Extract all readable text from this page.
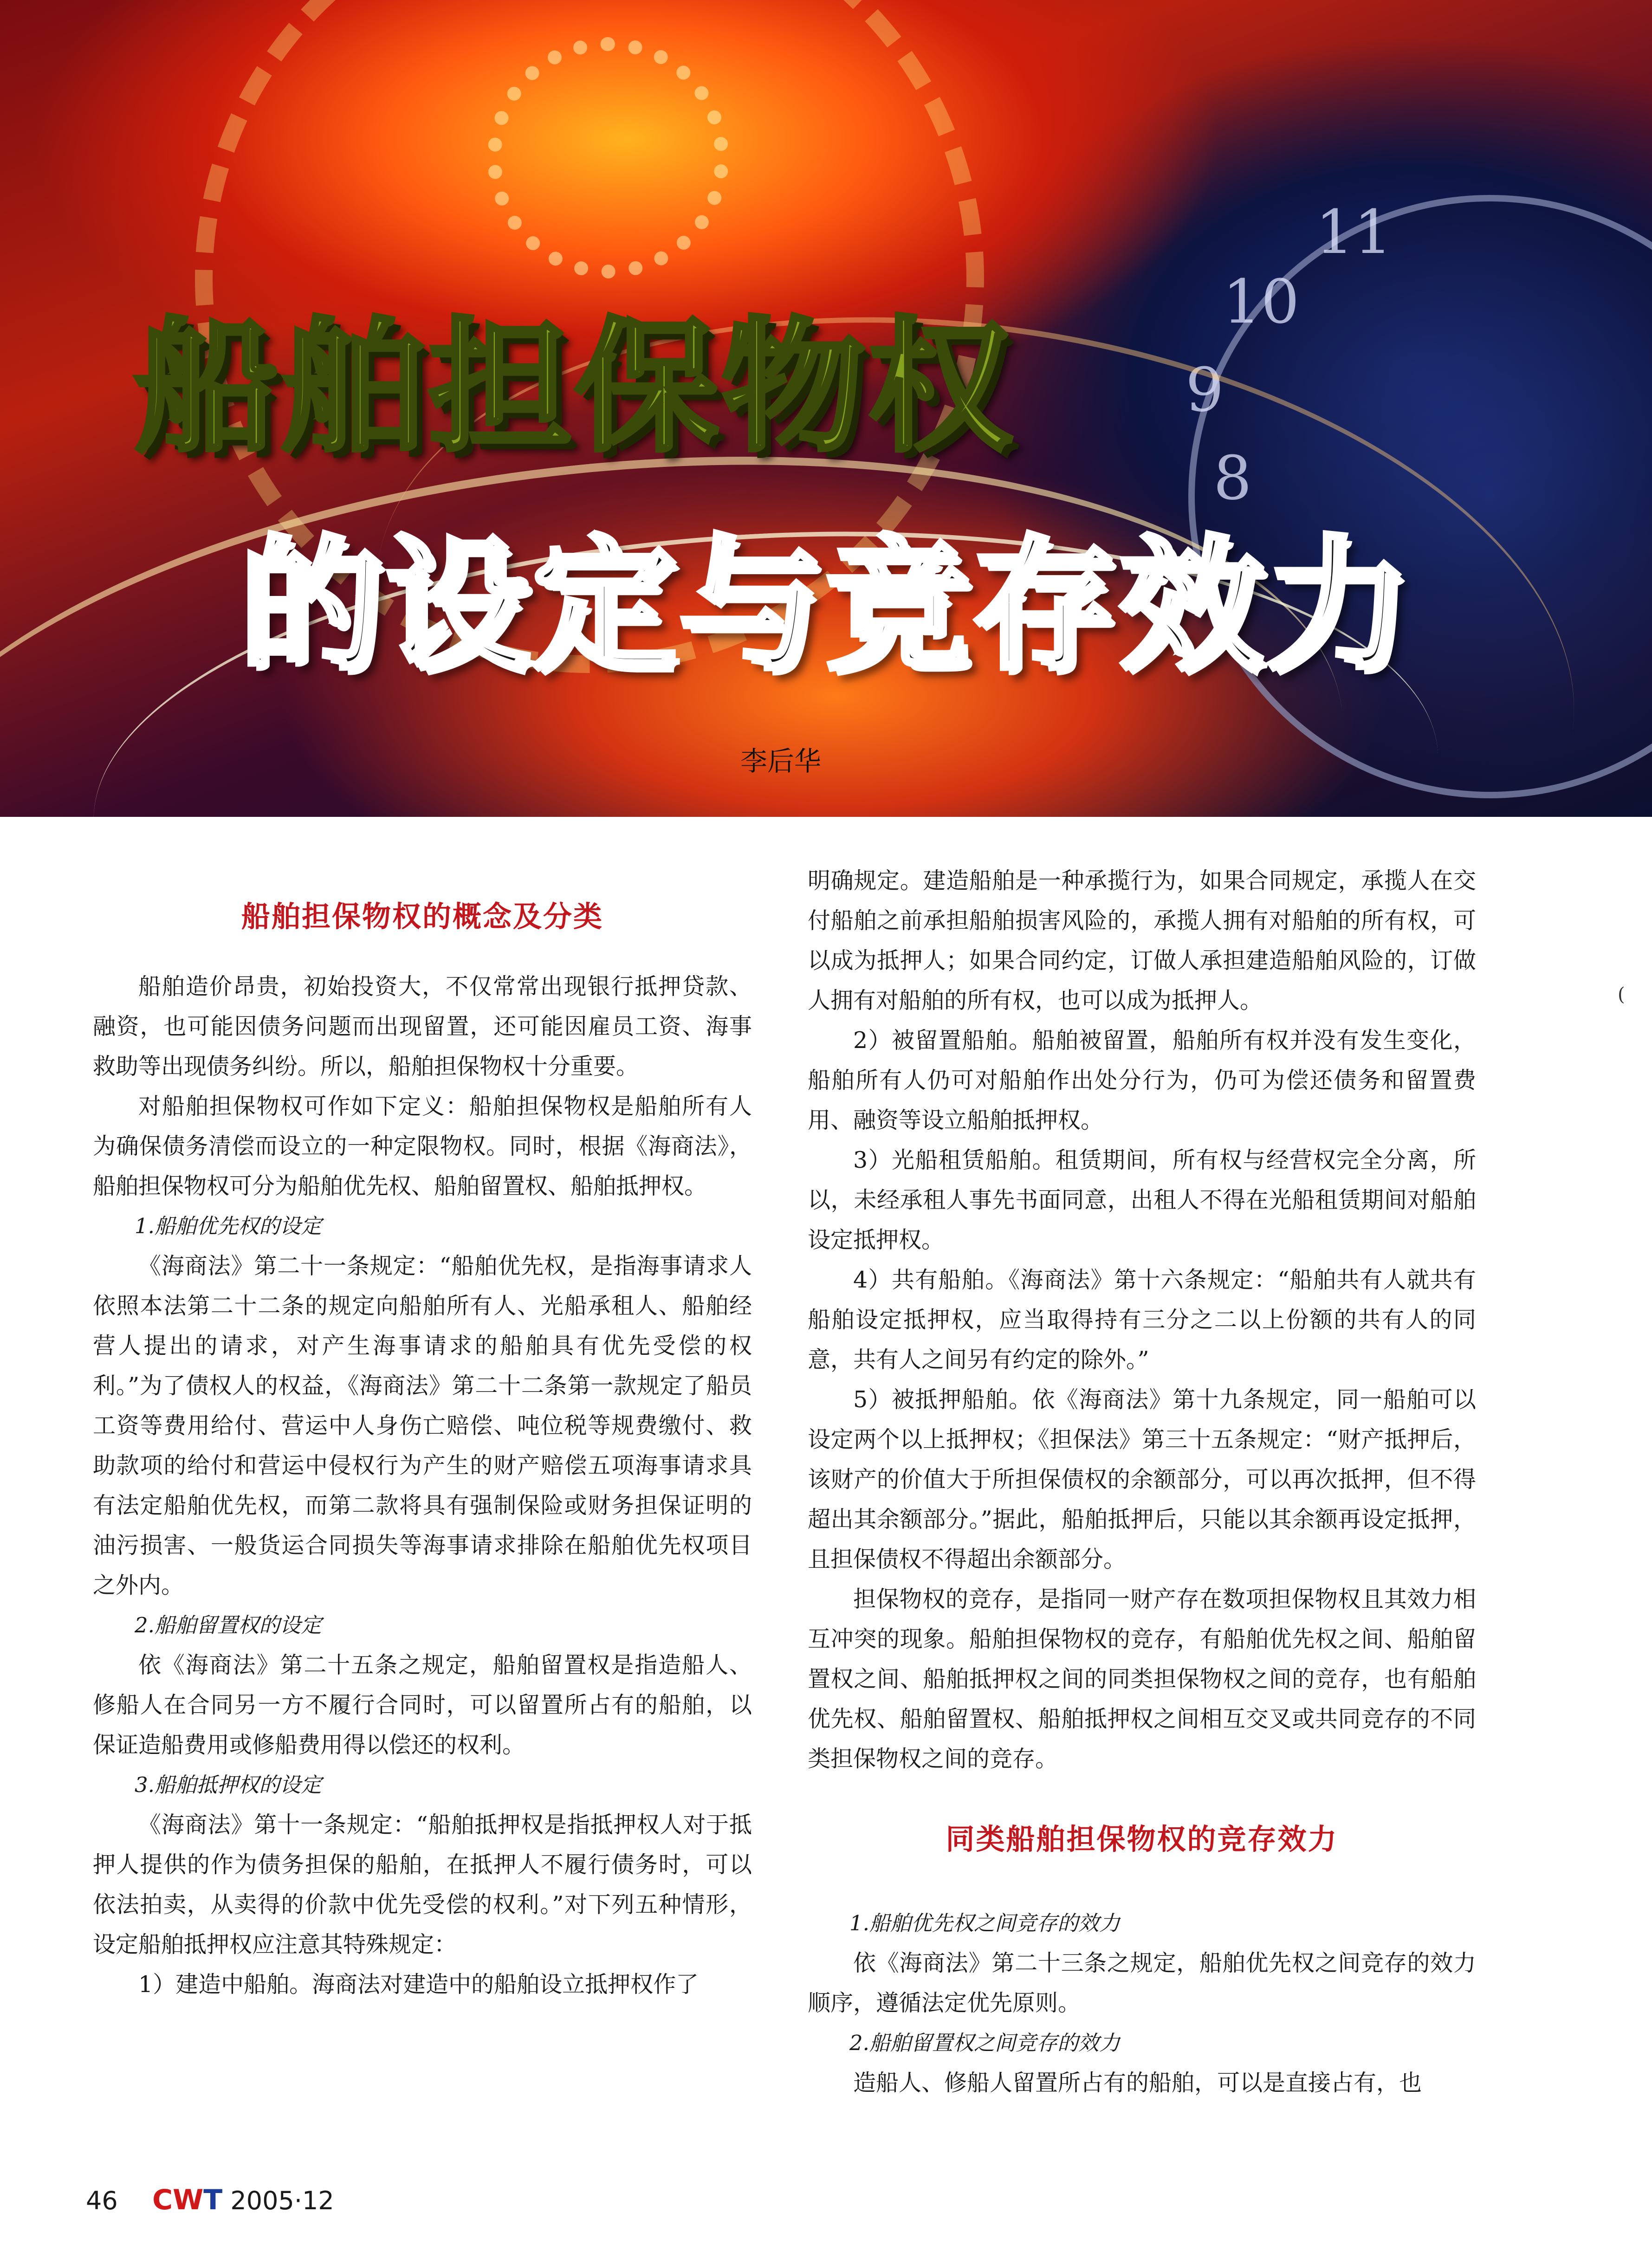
11
10
9
8
船舶担保物权
的设定与竞存效力
李后华
船舶担保物权的概念及分类

船舶造价昂贵，初始投资大，不仅常常出现银行抵押贷款、融资，也可能因债务问题而出现留置，还可能因雇员工资、海事救助等出现债务纠纷。所以，船舶担保物权十分重要。

对船舶担保物权可作如下定义：船舶担保物权是船舶所有人为确保债务清偿而设立的一种定限物权。同时，根据《海商法》，船舶担保物权可分为船舶优先权、船舶留置权、船舶抵押权。

1.船舶优先权的设定

《海商法》第二十一条规定：“船舶优先权，是指海事请求人依照本法第二十二条的规定向船舶所有人、光船承租人、船舶经营人提出的请求，对产生海事请求的船舶具有优先受偿的权利。”为了债权人的权益，《海商法》第二十二条第一款规定了船员工资等费用给付、营运中人身伤亡赔偿、吨位税等规费缴付、救助款项的给付和营运中侵权行为产生的财产赔偿五项海事请求具有法定船舶优先权，而第二款将具有强制保险或财务担保证明的油污损害、一般货运合同损失等海事请求排除在船舶优先权项目之外内。

2.船舶留置权的设定

依《海商法》第二十五条之规定，船舶留置权是指造船人、修船人在合同另一方不履行合同时，可以留置所占有的船舶，以保证造船费用或修船费用得以偿还的权利。

3.船舶抵押权的设定

《海商法》第十一条规定：“船舶抵押权是指抵押权人对于抵押人提供的作为债务担保的船舶，在抵押人不履行债务时，可以依法拍卖，从卖得的价款中优先受偿的权利。”对下列五种情形，设定船舶抵押权应注意其特殊规定：

1）建造中船舶。海商法对建造中的船舶设立抵押权作了

明确规定。建造船舶是一种承揽行为，如果合同规定，承揽人在交付船舶之前承担船舶损害风险的，承揽人拥有对船舶的所有权，可以成为抵押人；如果合同约定，订做人承担建造船舶风险的，订做人拥有对船舶的所有权，也可以成为抵押人。

2）被留置船舶。船舶被留置，船舶所有权并没有发生变化，船舶所有人仍可对船舶作出处分行为，仍可为偿还债务和留置费用、融资等设立船舶抵押权。

3）光船租赁船舶。租赁期间，所有权与经营权完全分离，所以，未经承租人事先书面同意，出租人不得在光船租赁期间对船舶设定抵押权。

4）共有船舶。《海商法》第十六条规定：“船舶共有人就共有船舶设定抵押权，应当取得持有三分之二以上份额的共有人的同意，共有人之间另有约定的除外。”

5）被抵押船舶。依《海商法》第十九条规定，同一船舶可以设定两个以上抵押权；《担保法》第三十五条规定：“财产抵押后，该财产的价值大于所担保债权的余额部分，可以再次抵押，但不得超出其余额部分。”据此，船舶抵押后，只能以其余额再设定抵押，且担保债权不得超出余额部分。

担保物权的竞存，是指同一财产存在数项担保物权且其效力相互冲突的现象。船舶担保物权的竞存，有船舶优先权之间、船舶留置权之间、船舶抵押权之间的同类担保物权之间的竞存，也有船舶优先权、船舶留置权、船舶抵押权之间相互交叉或共同竞存的不同类担保物权之间的竞存。

同类船舶担保物权的竞存效力
1.船舶优先权之间竞存的效力

依《海商法》第二十三条之规定，船舶优先权之间竞存的效力顺序，遵循法定优先原则。

2.船舶留置权之间竞存的效力

造船人、修船人留置所占有的船舶，可以是直接占有，也

(
46 CWT 2005·12
